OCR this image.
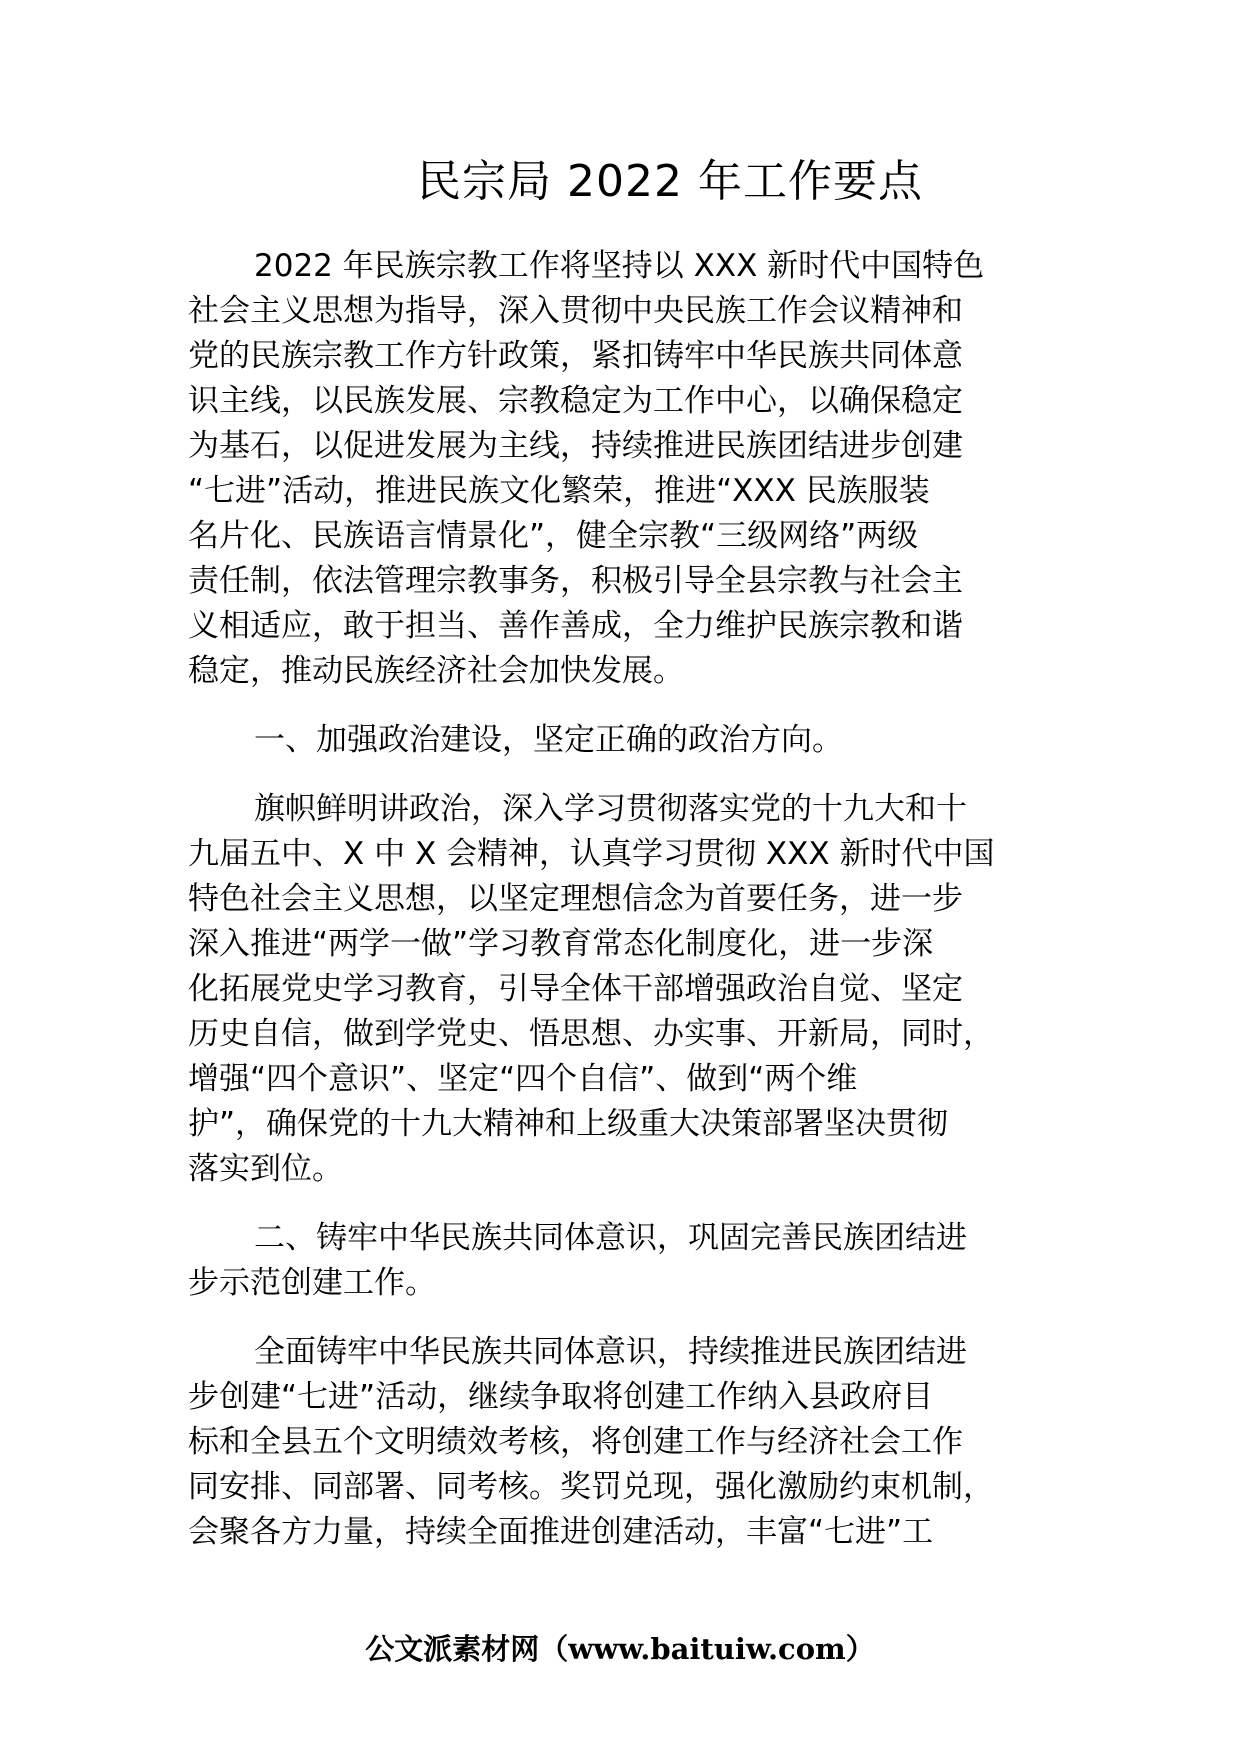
民宗局 2022 年工作要点
2022 年民族宗教工作将坚持以 XXX 新时代中国特色
社会主义思想为指导，深入贯彻中央民族工作会议精神和
党的民族宗教工作方针政策，紧扣铸牢中华民族共同体意
识主线，以民族发展、宗教稳定为工作中心，以确保稳定
为基石，以促进发展为主线，持续推进民族团结进步创建
“七进”活动，推进民族文化繁荣，推进“XXX 民族服装
名片化、民族语言情景化”，健全宗教“三级网络”两级
责任制，依法管理宗教事务，积极引导全县宗教与社会主
义相适应，敢于担当、善作善成，全力维护民族宗教和谐
稳定，推动民族经济社会加快发展。
一、加强政治建设，坚定正确的政治方向。
旗帜鲜明讲政治，深入学习贯彻落实党的十九大和十
九届五中、X 中 X 会精神，认真学习贯彻 XXX 新时代中国
特色社会主义思想，以坚定理想信念为首要任务，进一步
深入推进“两学一做”学习教育常态化制度化，进一步深
化拓展党史学习教育，引导全体干部增强政治自觉、坚定
历史自信，做到学党史、悟思想、办实事、开新局，同时，
增强“四个意识”、坚定“四个自信”、做到“两个维
护”，确保党的十九大精神和上级重大决策部署坚决贯彻
落实到位。
二、铸牢中华民族共同体意识，巩固完善民族团结进
步示范创建工作。
全面铸牢中华民族共同体意识，持续推进民族团结进
步创建“七进”活动，继续争取将创建工作纳入县政府目
标和全县五个文明绩效考核，将创建工作与经济社会工作
同安排、同部署、同考核。奖罚兑现，强化激励约束机制，
会聚各方力量，持续全面推进创建活动，丰富“七进”工
公文派素材网（www.baituiw.com）
